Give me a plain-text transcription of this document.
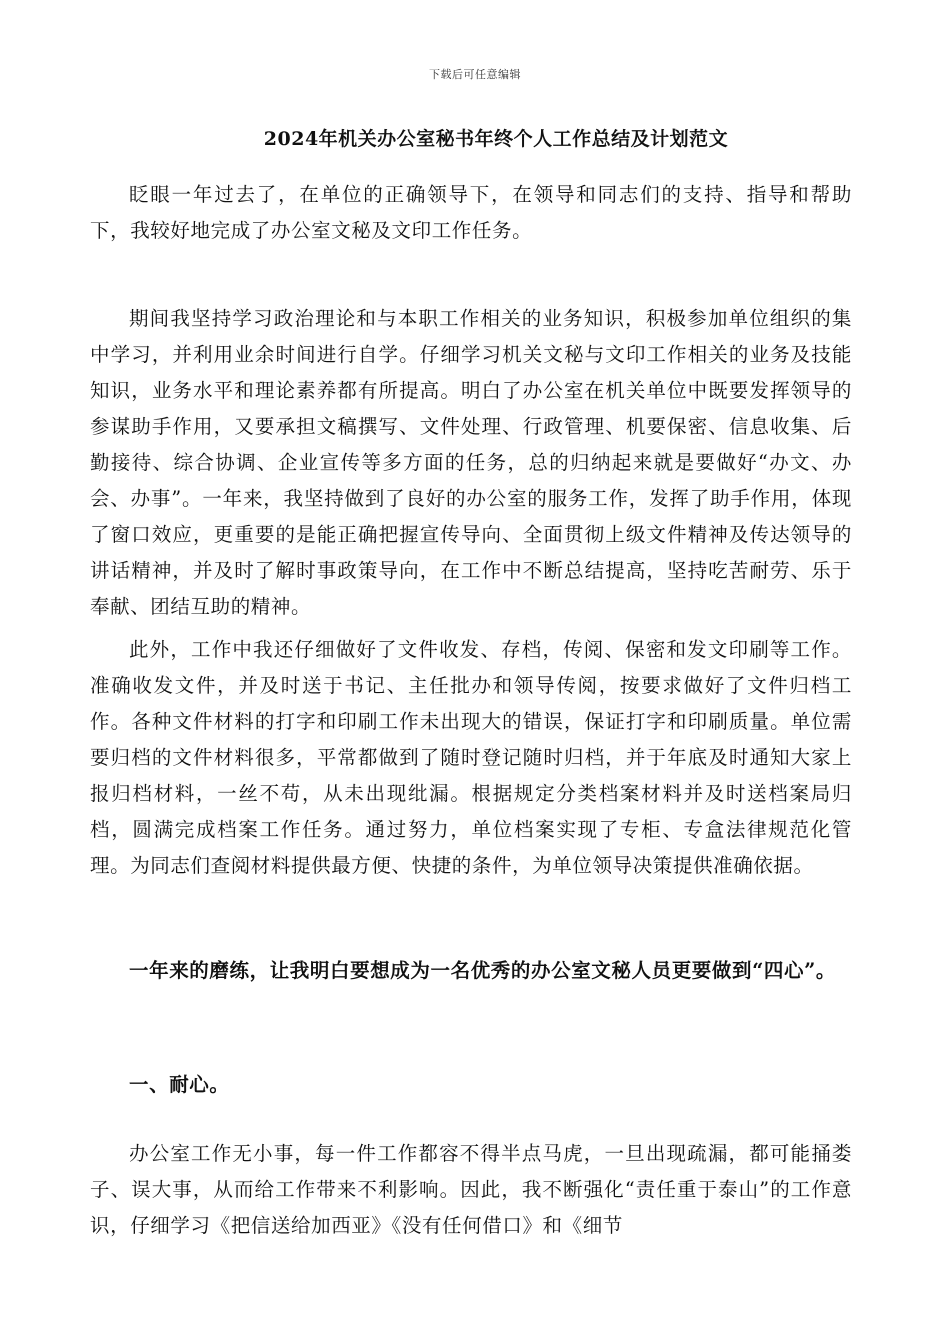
下载后可任意编辑
2024年机关办公室秘书年终个人工作总结及计划范文

眨眼一年过去了，在单位的正确领导下，在领导和同志们的支持、指导和帮助下，我较好地完成了办公室文秘及文印工作任务。

期间我坚持学习政治理论和与本职工作相关的业务知识，积极参加单位组织的集中学习，并利用业余时间进行自学。仔细学习机关文秘与文印工作相关的业务及技能知识，业务水平和理论素养都有所提高。明白了办公室在机关单位中既要发挥领导的参谋助手作用，又要承担文稿撰写、文件处理、行政管理、机要保密、信息收集、后勤接待、综合协调、企业宣传等多方面的任务，总的归纳起来就是要做好“办文、办会、办事”。一年来，我坚持做到了良好的办公室的服务工作，发挥了助手作用，体现了窗口效应，更重要的是能正确把握宣传导向、全面贯彻上级文件精神及传达领导的讲话精神，并及时了解时事政策导向，在工作中不断总结提高，坚持吃苦耐劳、乐于奉献、团结互助的精神。

此外，工作中我还仔细做好了文件收发、存档，传阅、保密和发文印刷等工作。准确收发文件，并及时送于书记、主任批办和领导传阅，按要求做好了文件归档工作。各种文件材料的打字和印刷工作未出现大的错误，保证打字和印刷质量。单位需要归档的文件材料很多，平常都做到了随时登记随时归档，并于年底及时通知大家上报归档材料，一丝不苟，从未出现纰漏。根据规定分类档案材料并及时送档案局归档，圆满完成档案工作任务。通过努力，单位档案实现了专柜、专盒法律规范化管理。为同志们查阅材料提供最方便、快捷的条件，为单位领导决策提供准确依据。

一年来的磨练，让我明白要想成为一名优秀的办公室文秘人员更要做到“四心”。

一、耐心。

办公室工作无小事，每一件工作都容不得半点马虎，一旦出现疏漏，都可能捅娄子、误大事，从而给工作带来不利影响。因此，我不断强化“责任重于泰山”的工作意识，仔细学习《把信送给加西亚》《没有任何借口》和《细节
